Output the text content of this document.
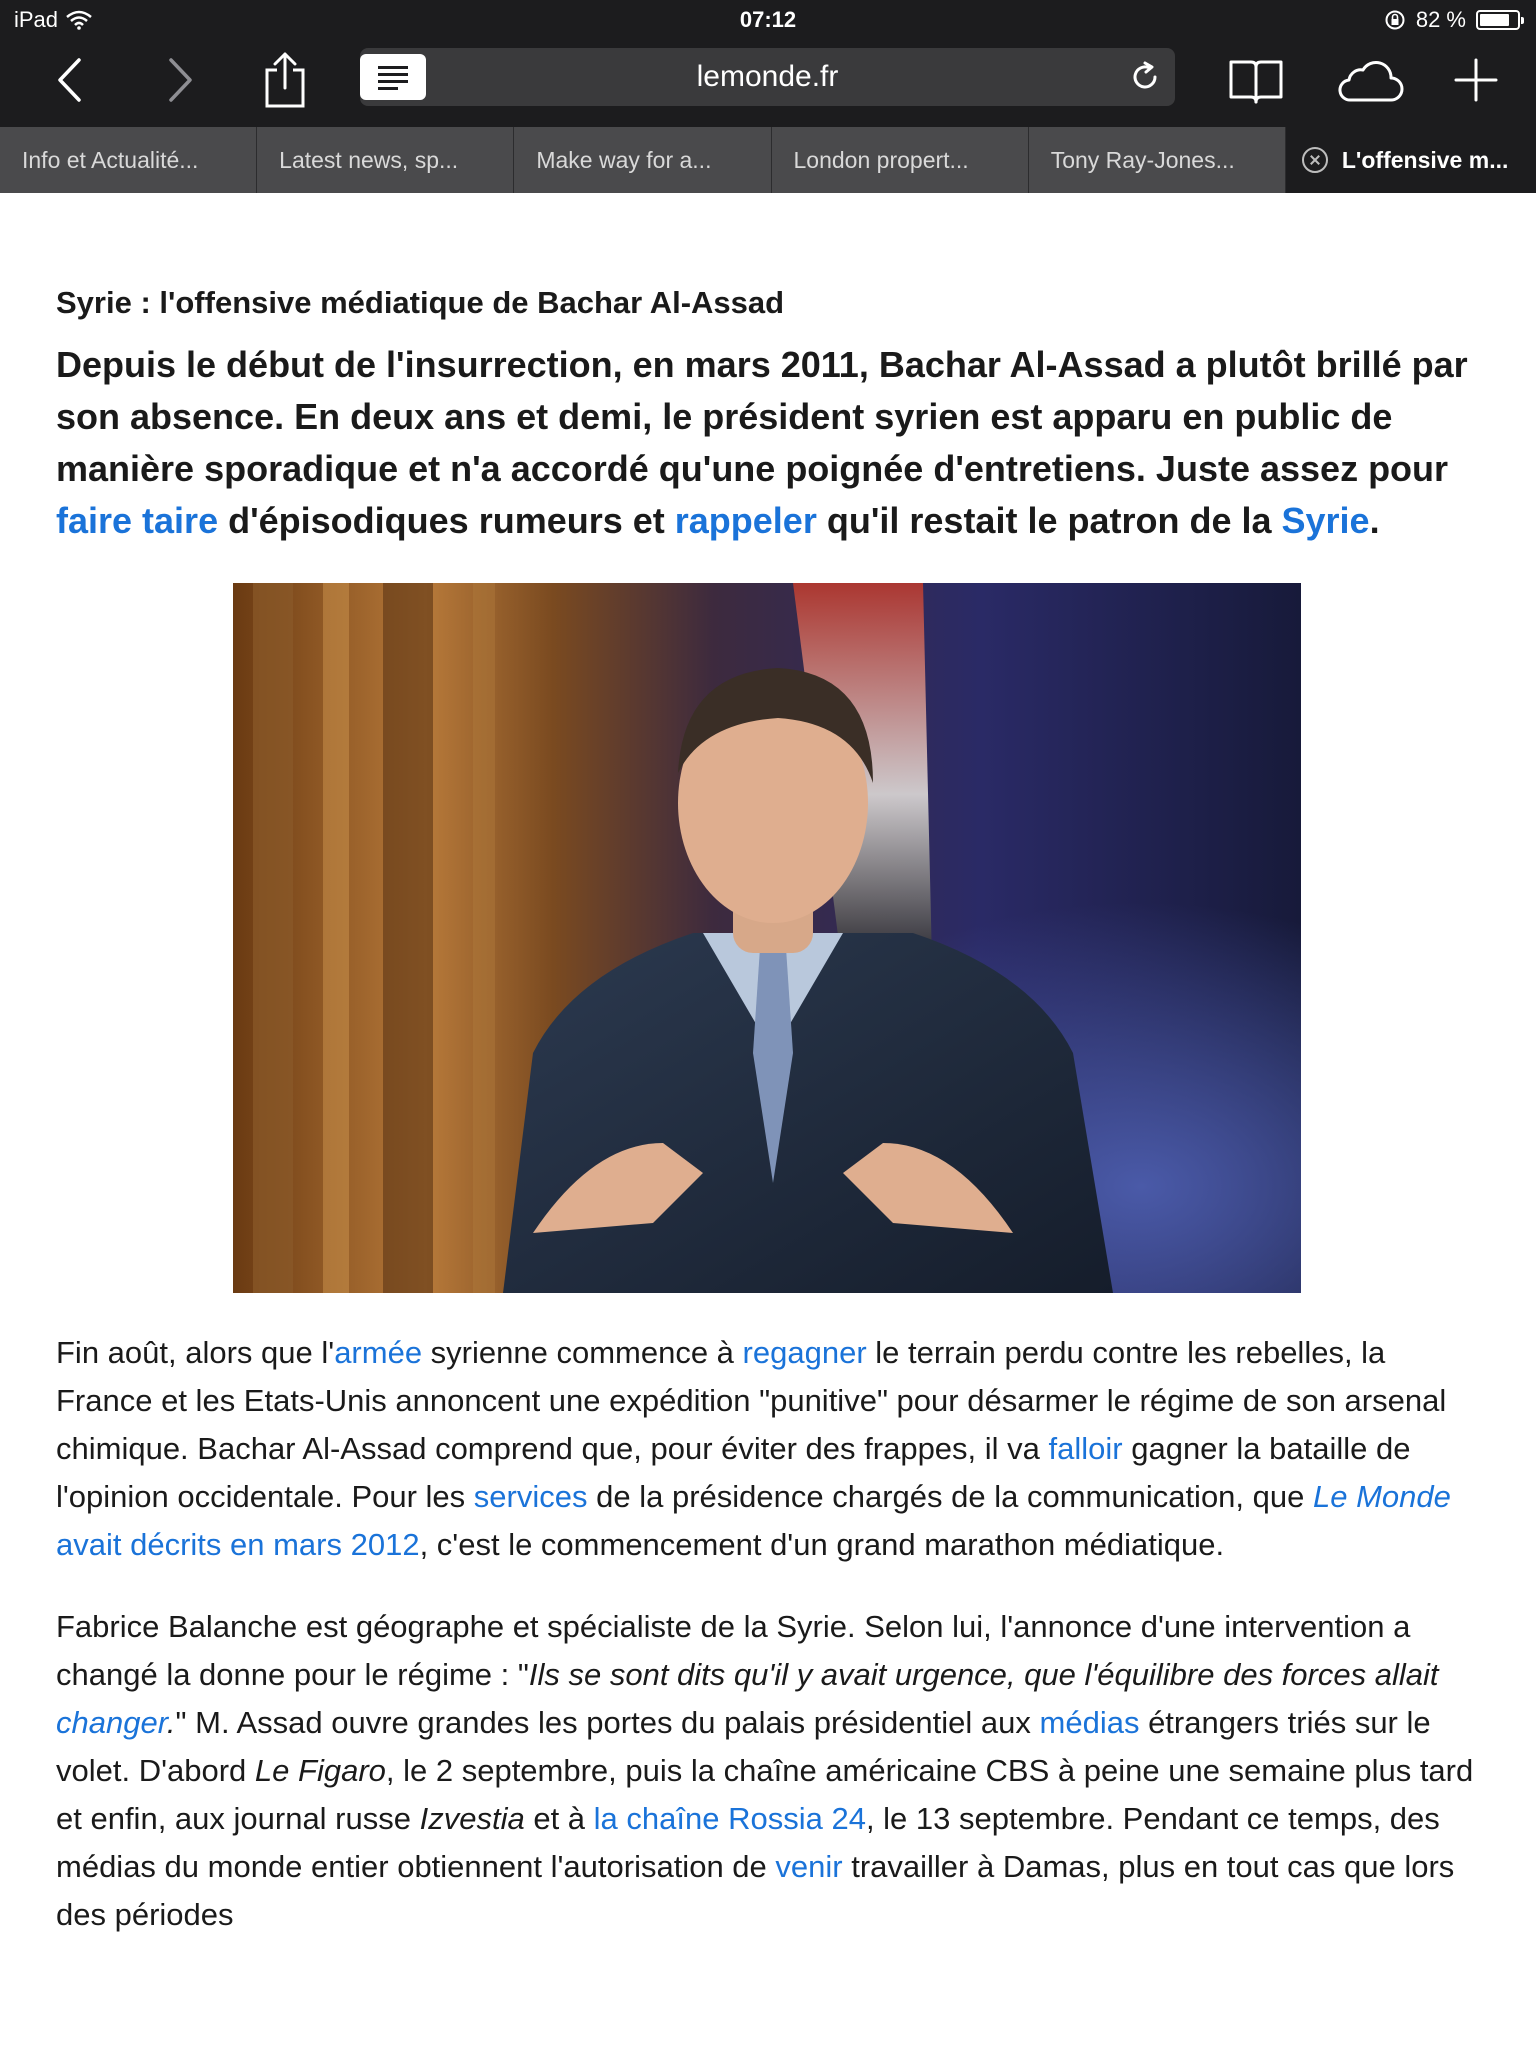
iPad	07:12	82 %
lemonde.fr
Info et Actualité...	Latest news, sp...	Make way for a...	London propert...	Tony Ray-Jones...	L'offensive m...
Syrie : l'offensive médiatique de Bachar Al-Assad

Depuis le début de l'insurrection, en mars 2011, Bachar Al-Assad a plutôt brillé par son absence. En deux ans et demi, le président syrien est apparu en public de manière sporadique et n'a accordé qu'une poignée d'entretiens. Juste assez pour faire taire d'épisodiques rumeurs et rappeler qu'il restait le patron de la Syrie.

Fin août, alors que l'armée syrienne commence à regagner le terrain perdu contre les rebelles, la France et les Etats-Unis annoncent une expédition "punitive" pour désarmer le régime de son arsenal chimique. Bachar Al-Assad comprend que, pour éviter des frappes, il va falloir gagner la bataille de l'opinion occidentale. Pour les services de la présidence chargés de la communication, que Le Monde avait décrits en mars 2012, c'est le commencement d'un grand marathon médiatique.

Fabrice Balanche est géographe et spécialiste de la Syrie. Selon lui, l'annonce d'une intervention a changé la donne pour le régime : "Ils se sont dits qu'il y avait urgence, que l'équilibre des forces allait changer." M. Assad ouvre grandes les portes du palais présidentiel aux médias étrangers triés sur le volet. D'abord Le Figaro, le 2 septembre, puis la chaîne américaine CBS à peine une semaine plus tard et enfin, aux journal russe Izvestia et à la chaîne Rossia 24, le 13 septembre. Pendant ce temps, des médias du monde entier obtiennent l'autorisation de venir travailler à Damas, plus en tout cas que lors des périodes
